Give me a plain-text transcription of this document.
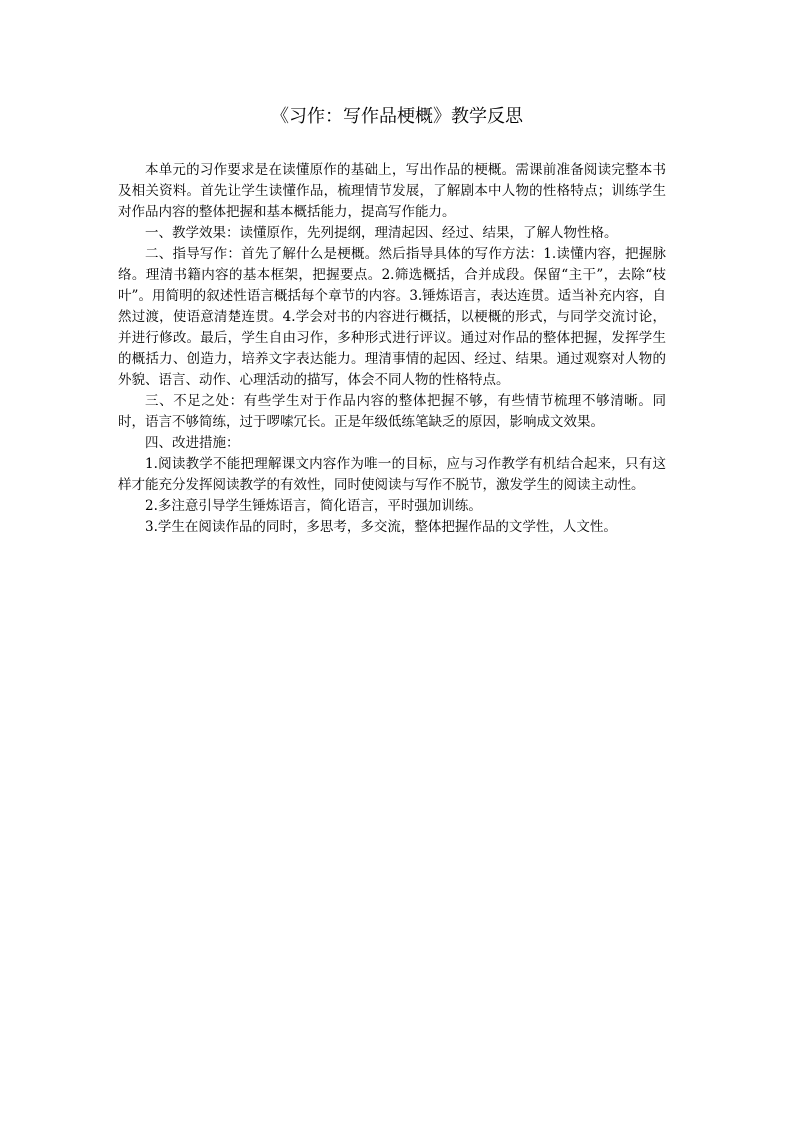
《习作：写作品梗概》教学反思

本单元的习作要求是在读懂原作的基础上，写出作品的梗概。需课前准备阅读完整本书及相关资料。首先让学生读懂作品，梳理情节发展，了解剧本中人物的性格特点；训练学生对作品内容的整体把握和基本概括能力，提高写作能力。

一、教学效果：读懂原作，先列提纲，理清起因、经过、结果，了解人物性格。

二、指导写作：首先了解什么是梗概。然后指导具体的写作方法：1.读懂内容，把握脉络。理清书籍内容的基本框架，把握要点。2.筛选概括，合并成段。保留“主干”，去除“枝叶”。用简明的叙述性语言概括每个章节的内容。3.锤炼语言，表达连贯。适当补充内容，自然过渡，使语意清楚连贯。4.学会对书的内容进行概括，以梗概的形式，与同学交流讨论，并进行修改。最后，学生自由习作，多种形式进行评议。通过对作品的整体把握，发挥学生的概括力、创造力，培养文字表达能力。理清事情的起因、经过、结果。通过观察对人物的外貌、语言、动作、心理活动的描写，体会不同人物的性格特点。

三、不足之处：有些学生对于作品内容的整体把握不够，有些情节梳理不够清晰。同时，语言不够简练，过于啰嗦冗长。正是年级低练笔缺乏的原因，影响成文效果。

四、改进措施：

1.阅读教学不能把理解课文内容作为唯一的目标，应与习作教学有机结合起来，只有这样才能充分发挥阅读教学的有效性，同时使阅读与写作不脱节，激发学生的阅读主动性。

2.多注意引导学生锤炼语言，简化语言，平时强加训练。

3.学生在阅读作品的同时，多思考，多交流，整体把握作品的文学性，人文性。
